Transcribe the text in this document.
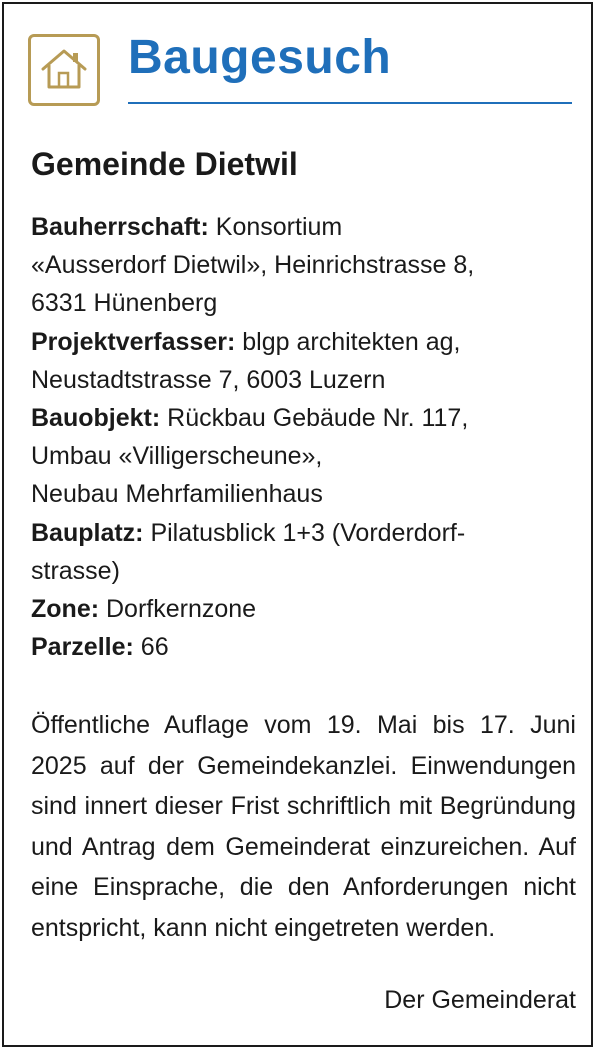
Baugesuch
Gemeinde Dietwil

Bauherrschaft: Konsortium
«Ausserdorf Dietwil», Heinrichstrasse 8,
6331 Hünenberg

Projektverfasser: blgp architekten ag,
Neustadtstrasse 7, 6003 Luzern

Bauobjekt: Rückbau Gebäude Nr. 117,
Umbau «Villigerscheune»,
Neubau Mehrfamilienhaus

Bauplatz: Pilatusblick 1+3 (Vorderdorf-
strasse)

Zone: Dorfkernzone

Parzelle: 66

Öffentliche Auflage vom 19. Mai bis 17. Juni 2025 auf der Gemeindekanzlei. Einwendungen sind innert dieser Frist schriftlich mit Begründung und Antrag dem Gemeinderat einzureichen. Auf eine Einsprache, die den Anforderungen nicht entspricht, kann nicht eingetreten werden.
Der Gemeinderat
